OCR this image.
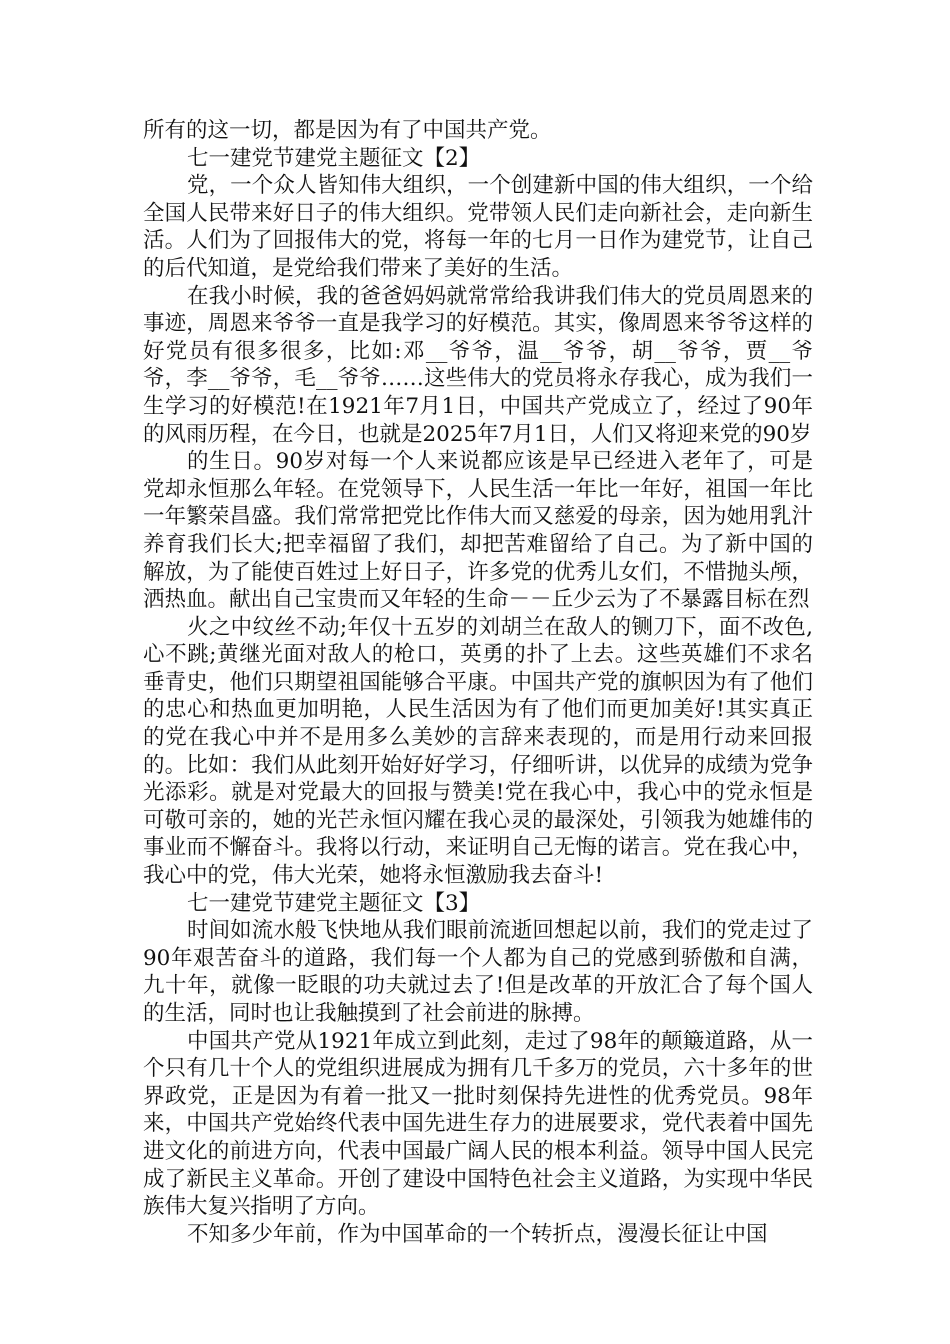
所有的这一切，都是因为有了中国共产党。

七一建党节建党主题征文【2】

党，一个众人皆知伟大组织，一个创建新中国的伟大组织，一个给全国人民带来好日子的伟大组织。党带领人民们走向新社会，走向新生活。人们为了回报伟大的党，将每一年的七月一日作为建党节，让自己的后代知道，是党给我们带来了美好的生活。

在我小时候，我的爸爸妈妈就常常给我讲我们伟大的党员周恩来的事迹，周恩来爷爷一直是我学习的好模范。其实，像周恩来爷爷这样的好党员有很多很多，比如:邓__爷爷，温__爷爷，胡__爷爷，贾__爷爷，李__爷爷，毛__爷爷……这些伟大的党员将永存我心，成为我们一生学习的好模范!在1921年7月1日，中国共产党成立了，经过了90年的风雨历程，在今日，也就是2025年7月1日，人们又将迎来党的90岁

的生日。90岁对每一个人来说都应该是早已经进入老年了，可是党却永恒那么年轻。在党领导下，人民生活一年比一年好，祖国一年比一年繁荣昌盛。我们常常把党比作伟大而又慈爱的母亲，因为她用乳汁养育我们长大;把幸福留了我们，却把苦难留给了自己。为了新中国的解放，为了能使百姓过上好日子，许多党的优秀儿女们，不惜抛头颅，洒热血。献出自己宝贵而又年轻的生命－－丘少云为了不暴露目标在烈

火之中纹丝不动;年仅十五岁的刘胡兰在敌人的铡刀下，面不改色,心不跳;黄继光面对敌人的枪口，英勇的扑了上去。这些英雄们不求名垂青史，他们只期望祖国能够合平康。中国共产党的旗帜因为有了他们的忠心和热血更加明艳，人民生活因为有了他们而更加美好!其实真正的党在我心中并不是用多么美妙的言辞来表现的，而是用行动来回报的。比如：我们从此刻开始好好学习，仔细听讲，以优异的成绩为党争光添彩。就是对党最大的回报与赞美!党在我心中，我心中的党永恒是可敬可亲的，她的光芒永恒闪耀在我心灵的最深处，引领我为她雄伟的事业而不懈奋斗。我将以行动，来证明自己无悔的诺言。党在我心中，我心中的党，伟大光荣，她将永恒激励我去奋斗!

七一建党节建党主题征文【3】

时间如流水般飞快地从我们眼前流逝回想起以前，我们的党走过了90年艰苦奋斗的道路，我们每一个人都为自己的党感到骄傲和自满，九十年，就像一眨眼的功夫就过去了!但是改革的开放汇合了每个国人的生活，同时也让我触摸到了社会前进的脉搏。

中国共产党从1921年成立到此刻，走过了98年的颠簸道路，从一个只有几十个人的党组织进展成为拥有几千多万的党员，六十多年的世界政党，正是因为有着一批又一批时刻保持先进性的优秀党员。98年来，中国共产党始终代表中国先进生存力的进展要求，党代表着中国先进文化的前进方向，代表中国最广阔人民的根本利益。领导中国人民完成了新民主义革命。开创了建设中国特色社会主义道路，为实现中华民族伟大复兴指明了方向。

不知多少年前，作为中国革命的一个转折点，漫漫长征让中国
